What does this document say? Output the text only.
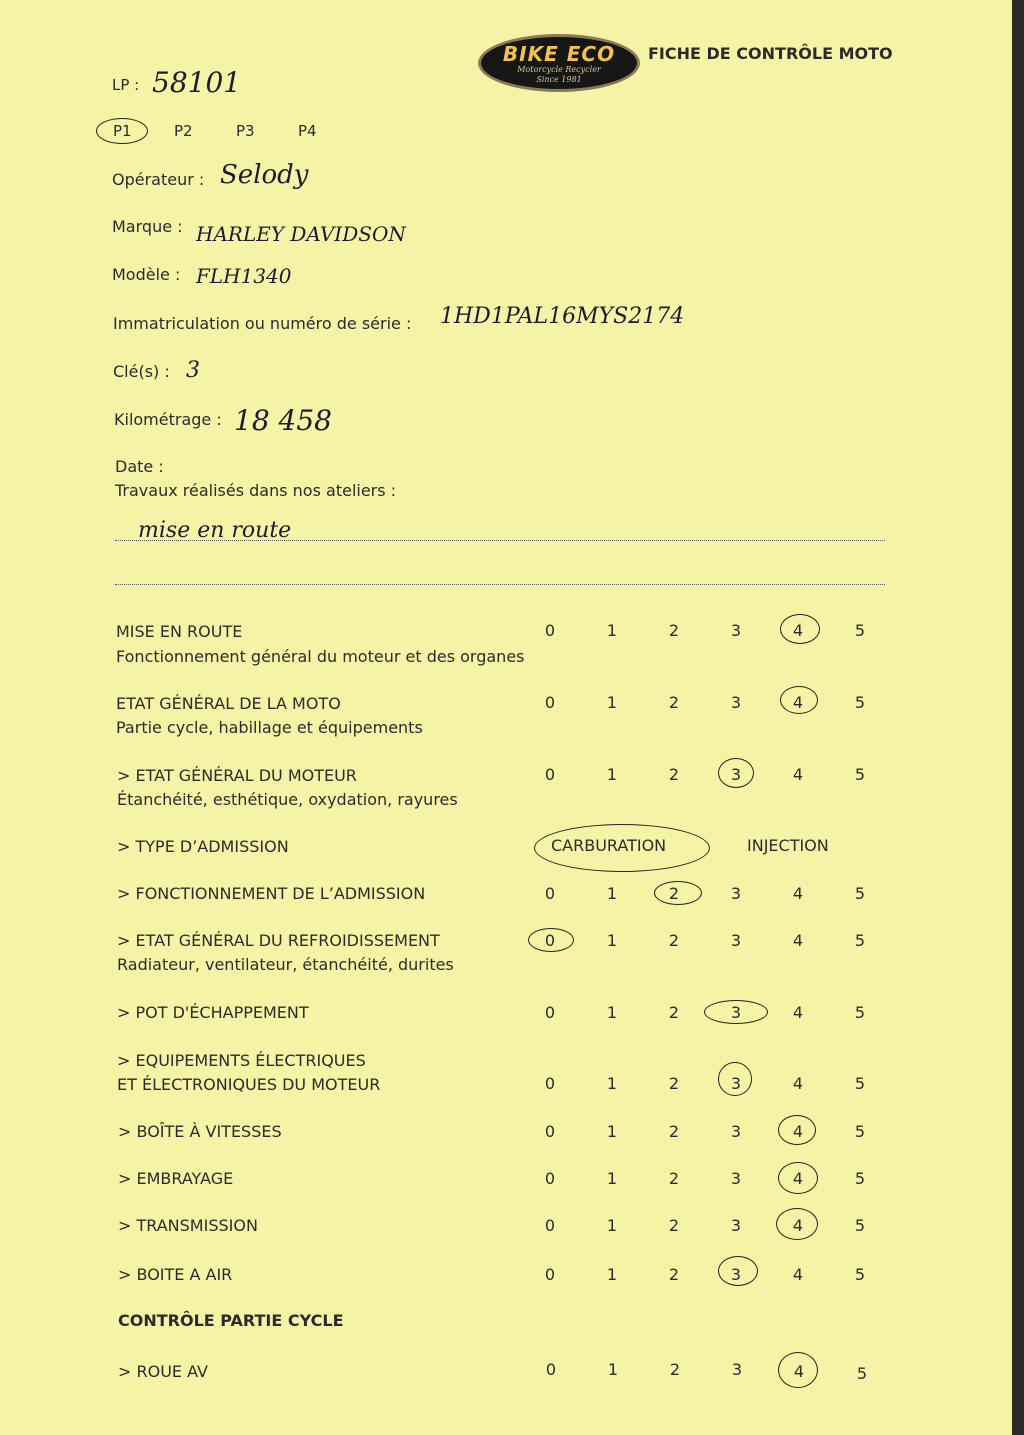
BIKE ECO
Motorcycle Recycler
Since 1981
FICHE DE CONTRÔLE MOTO
LP : 58101
P1	P2	P3	P4
Opérateur : Selody
Marque : HARLEY DAVIDSON
Modèle : FLH1340
Immatriculation ou numéro de série : 1HD1PAL16MYS2174
Clé(s) : 3
Kilométrage : 18 458
Date :
Travaux réalisés dans nos ateliers :
mise en route
MISE EN ROUTE
Fonctionnement général du moteur et des organes
0	1	2	3	4	5
ETAT GÉNÉRAL DE LA MOTO
Partie cycle, habillage et équipements
0	1	2	3	4	5
> ETAT GÉNÉRAL DU MOTEUR
Étanchéité, esthétique, oxydation, rayures
0	1	2	3	4	5
> TYPE D’ADMISSION	CARBURATION	INJECTION
> FONCTIONNEMENT DE L’ADMISSION	0	1	2	3	4	5
> ETAT GÉNÉRAL DU REFROIDISSEMENT
Radiateur, ventilateur, étanchéité, durites
0	1	2	3	4	5
> POT D'ÉCHAPPEMENT	0	1	2	3	4	5
> EQUIPEMENTS ÉLECTRIQUES
ET ÉLECTRONIQUES DU MOTEUR	0	1	2	3	4	5
> BOÎTE À VITESSES	0	1	2	3	4	5
> EMBRAYAGE	0	1	2	3	4	5
> TRANSMISSION	0	1	2	3	4	5
> BOITE A AIR	0	1	2	3	4	5
CONTRÔLE PARTIE CYCLE
> ROUE AV	0	1	2	3	4	5
